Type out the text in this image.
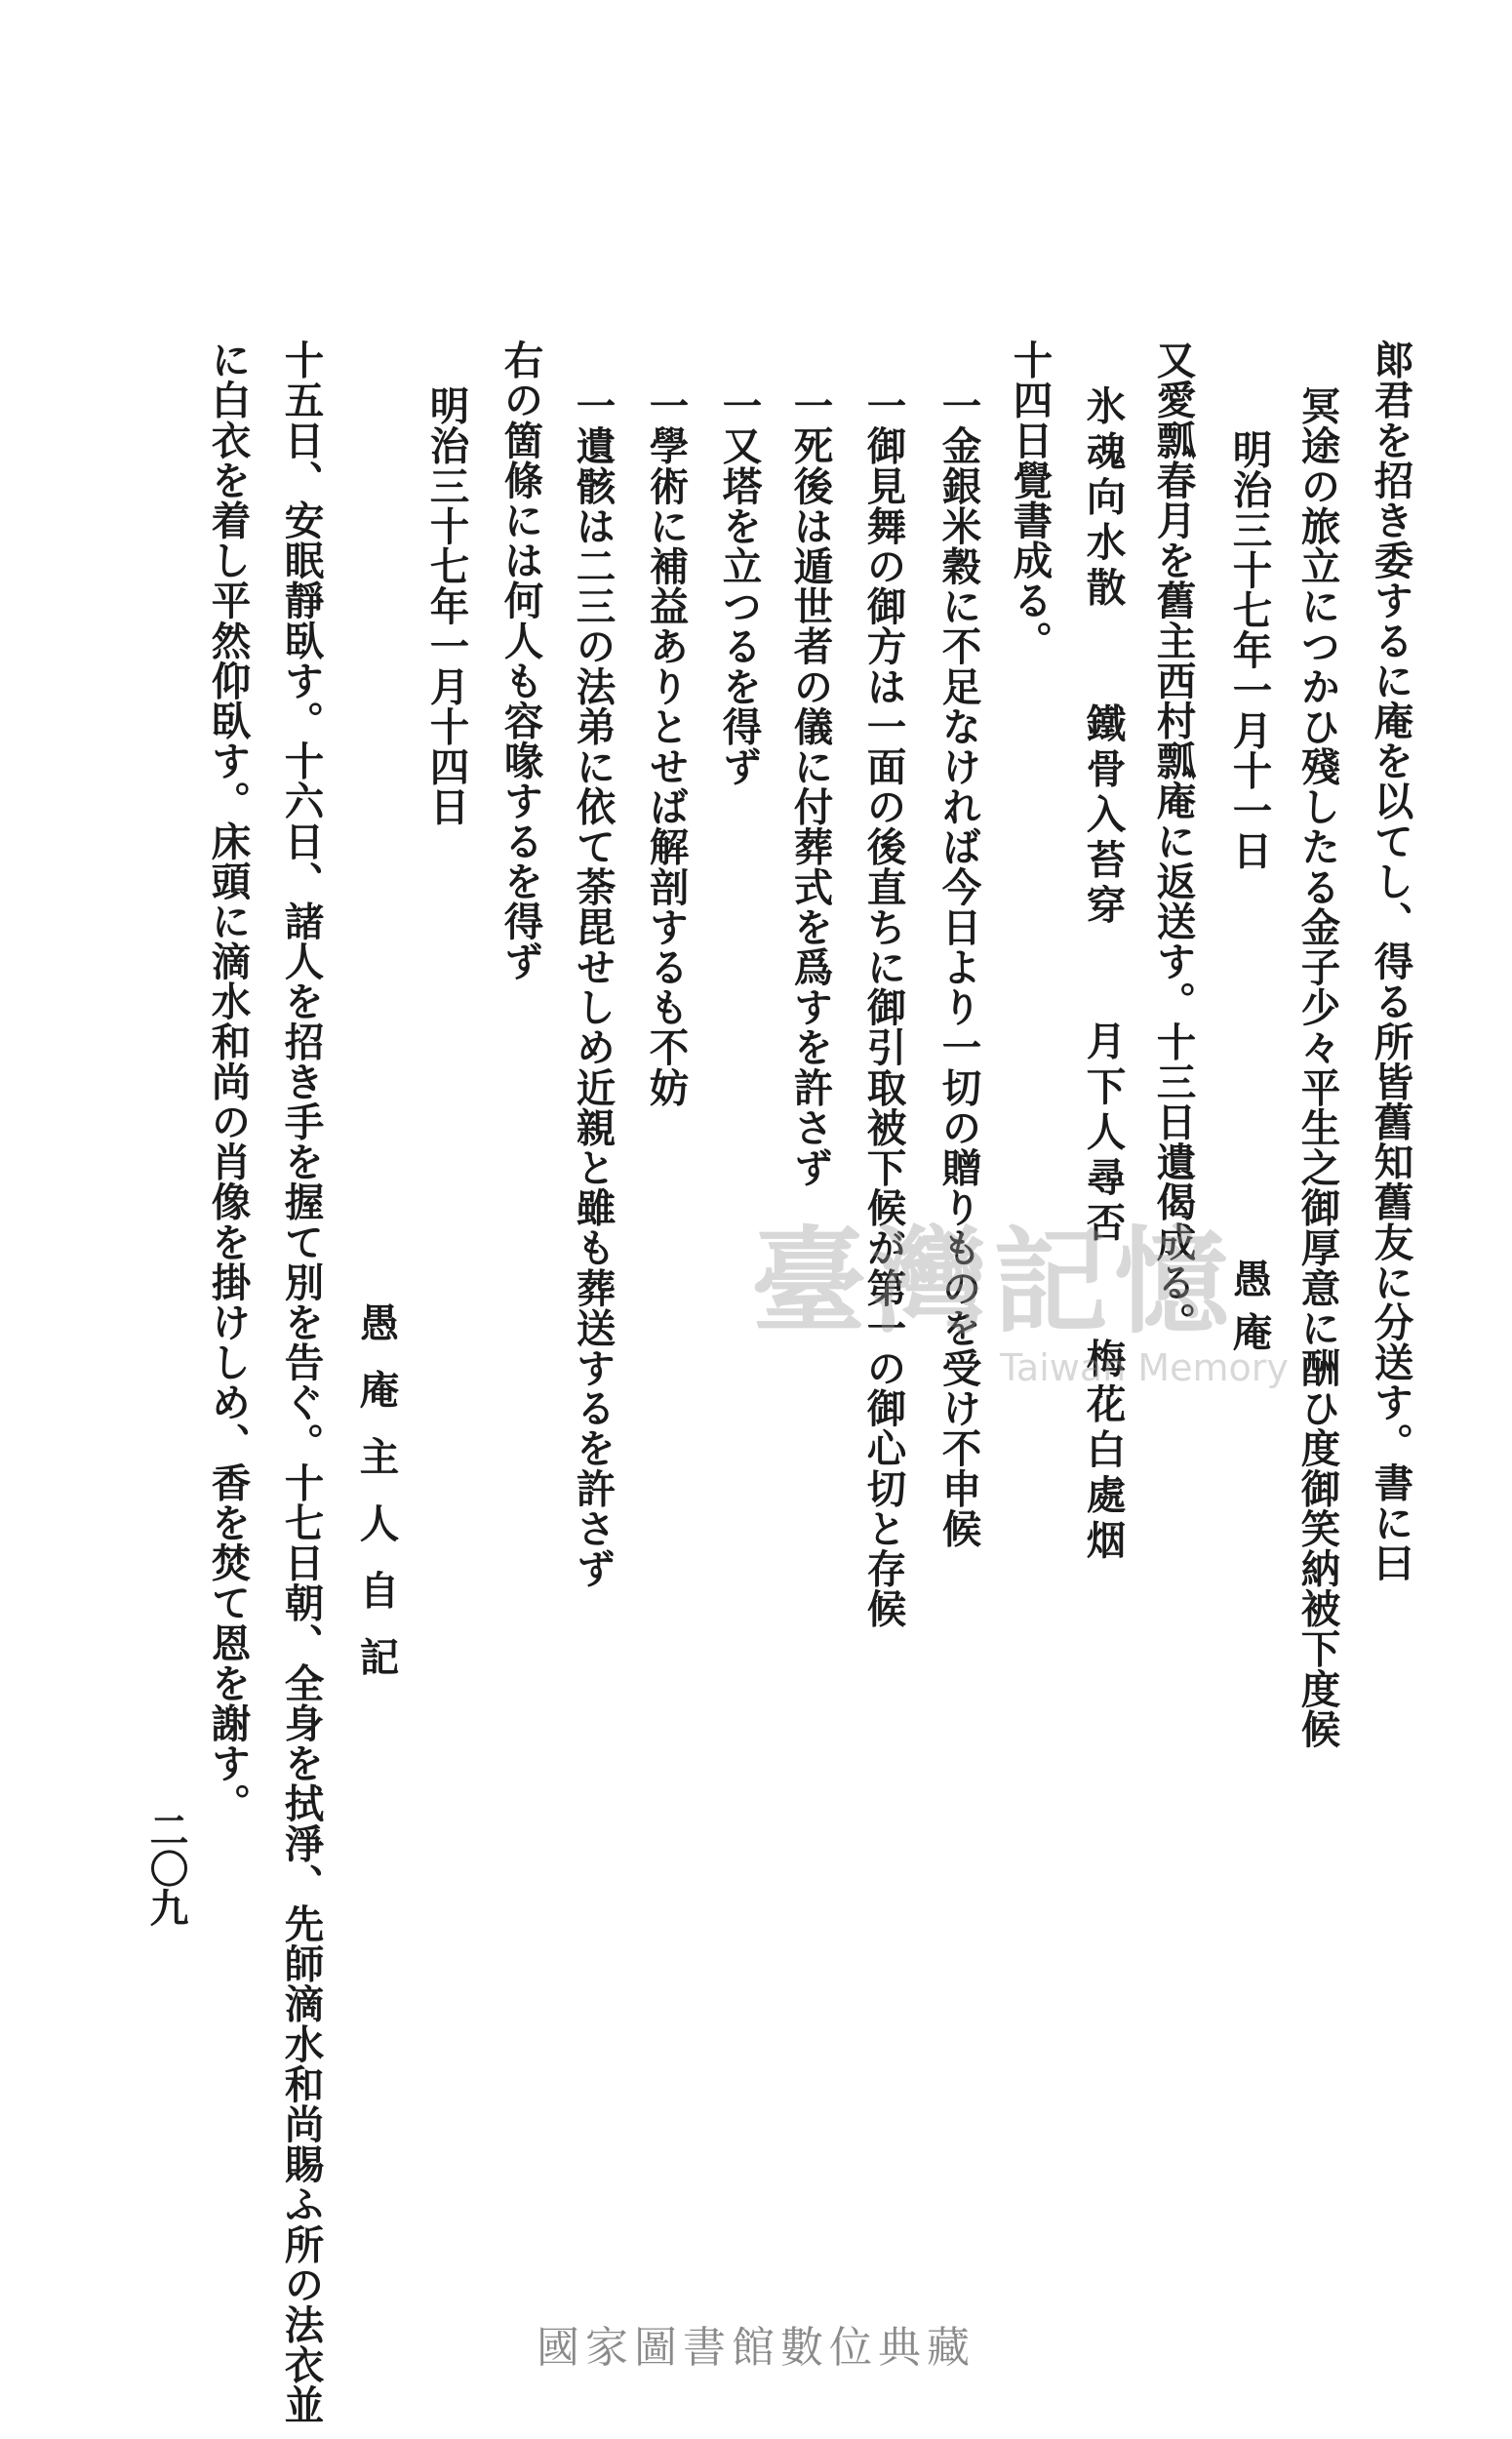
郞君を招き委するに庵を以てし、得る所皆舊知舊友に分送す。書に曰
冥途の旅立につかひ殘したる金子少々平生之御厚意に酬ひ度御笑納被下度候
愚庵
明治三十七年一月十一日
又愛瓢春月を舊主西村瓢庵に返送す。十三日遺偈成る。
氷魂向水散　　鐵骨入苔穿　　月下人尋否　　梅花白處烟
十四日覺書成る。
一金銀米穀に不足なければ今日より一切の贈りものを受け不申候
一御見舞の御方は一面の後直ちに御引取被下候が第一の御心切と存候
一死後は遁世者の儀に付葬式を爲すを許さず
一又塔を立つるを得ず
一學術に補益ありとせば解剖するも不妨
一遺骸は二三の法弟に依て荼毘せしめ近親と雖も葬送するを許さず
右の箇條には何人も容喙するを得ず
明治三十七年一月十四日
愚庵主人自記
十五日、安眠靜臥す。十六日、諸人を招き手を握て別を告ぐ。十七日朝、全身を拭淨、先師滴水和尚賜ふ所の法衣並
に白衣を着し平然仰臥す。床頭に滴水和尚の肖像を掛けしめ、香を焚て恩を謝す。
二〇九
臺灣記憶
Taiwan Memory
國家圖書館數位典藏
